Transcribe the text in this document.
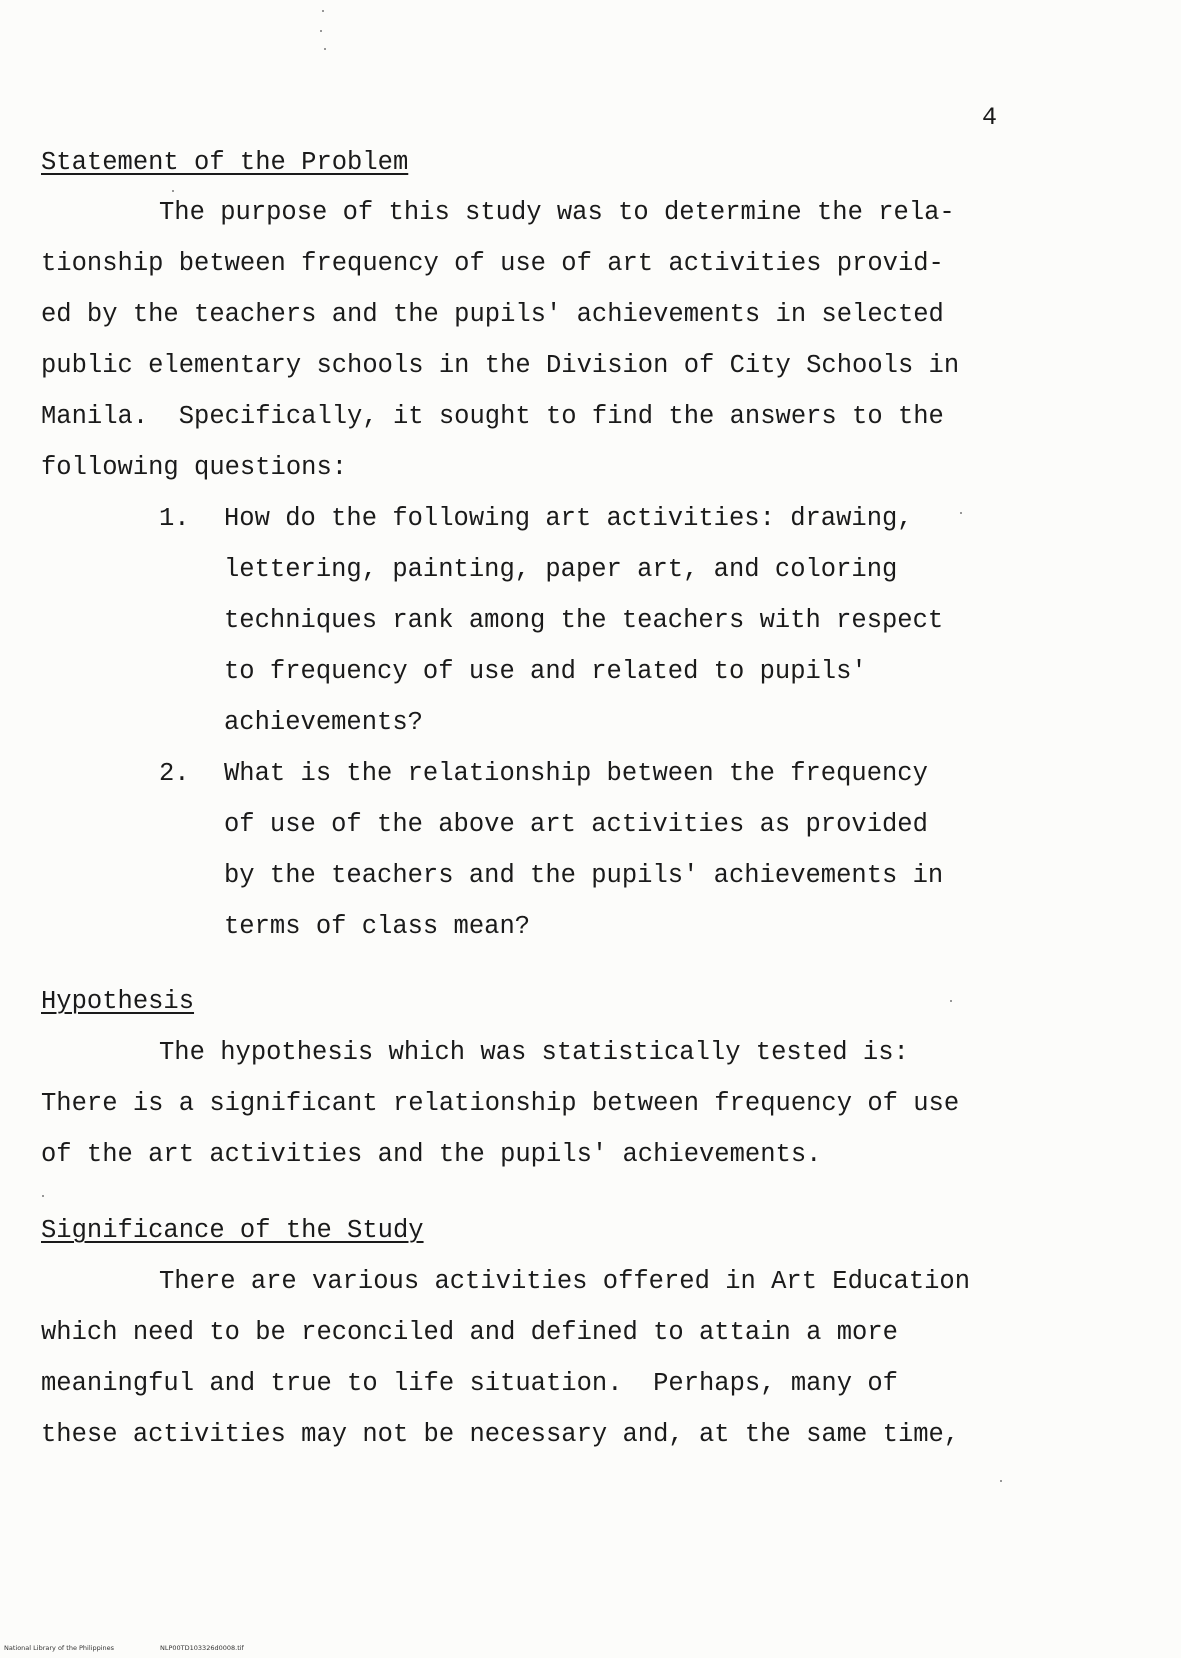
4
Statement of the Problem
The purpose of this study was to determine the rela-
tionship between frequency of use of art activities provid-
ed by the teachers and the pupils' achievements in selected
public elementary schools in the Division of City Schools in
Manila.  Specifically, it sought to find the answers to the
following questions:
1. How do the following art activities: drawing,
lettering, painting, paper art, and coloring
techniques rank among the teachers with respect
to frequency of use and related to pupils'
achievements?
2. What is the relationship between the frequency
of use of the above art activities as provided
by the teachers and the pupils' achievements in
terms of class mean?
Hypothesis
The hypothesis which was statistically tested is:
There is a significant relationship between frequency of use
of the art activities and the pupils' achievements.
Significance of the Study
There are various activities offered in Art Education
which need to be reconciled and defined to attain a more
meaningful and true to life situation.  Perhaps, many of
these activities may not be necessary and, at the same time,
National Library of the Philippines	NLP00TD103326d0008.tif
